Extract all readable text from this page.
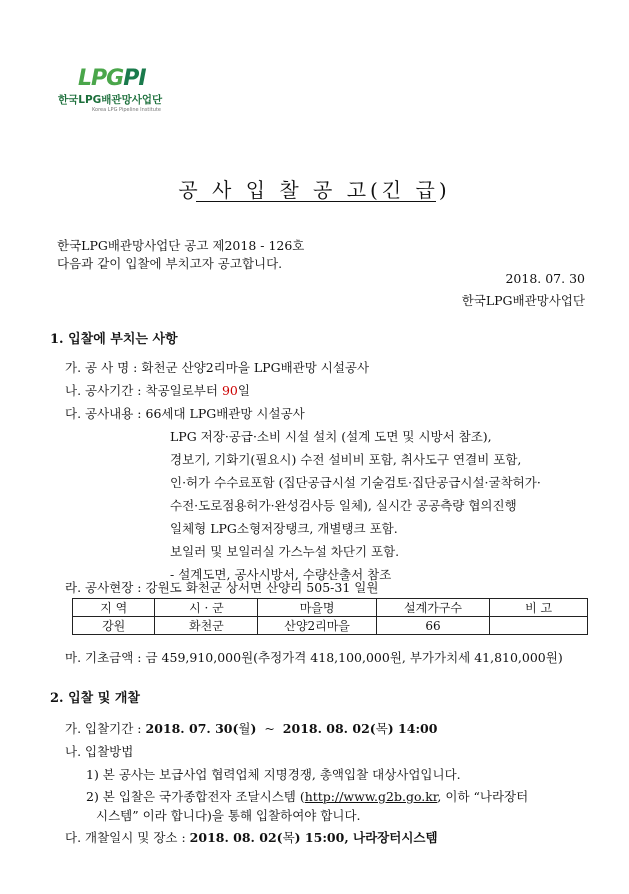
LPGPI
한국LPG배관망사업단
Korea LPG Pipeline Institute
공 사 입 찰 공 고(긴 급)
한국LPG배관망사업단 공고 제2018 - 126호
다음과 같이 입찰에 부치고자 공고합니다.
2018. 07. 30
한국LPG배관망사업단
1. 입찰에 부치는 사항
가. 공 사 명 : 화천군 산양2리마을 LPG배관망 시설공사
나. 공사기간 : 착공일로부터 90일
다. 공사내용 : 66세대 LPG배관망 시설공사
LPG 저장·공급·소비 시설 설치 (설계 도면 및 시방서 참조),
경보기, 기화기(필요시) 수전 설비비 포함, 취사도구 연결비 포함,
인·허가 수수료포함 (집단공급시설 기술검토·집단공급시설·굴착허가·
수전·도로점용허가·완성검사등 일체), 실시간 공공측량 협의진행
일체형 LPG소형저장탱크, 개별탱크 포함.
보일러 및 보일러실 가스누설 차단기 포함.
- 설계도면, 공사시방서, 수량산출서 참조
라. 공사현장 : 강원도 화천군 상서면 산양리 505-31 일원
지 역	시 · 군	마을명	설계가구수	비 고
강원	화천군	산양2리마을	66	
마. 기초금액 : 금 459,910,000원(추정가격 418,100,000원, 부가가치세 41,810,000원)
2. 입찰 및 개찰
가. 입찰기간 : 2018. 07. 30(월) ~ 2018. 08. 02(목) 14:00
나. 입찰방법
1) 본 공사는 보급사업 협력업체 지명경쟁, 총액입찰 대상사업입니다.
2) 본 입찰은 국가종합전자 조달시스템 (http://www.g2b.go.kr, 이하 “나라장터
시스템” 이라 합니다)을 통해 입찰하여야 합니다.
다. 개찰일시 및 장소 : 2018. 08. 02(목) 15:00, 나라장터시스템
